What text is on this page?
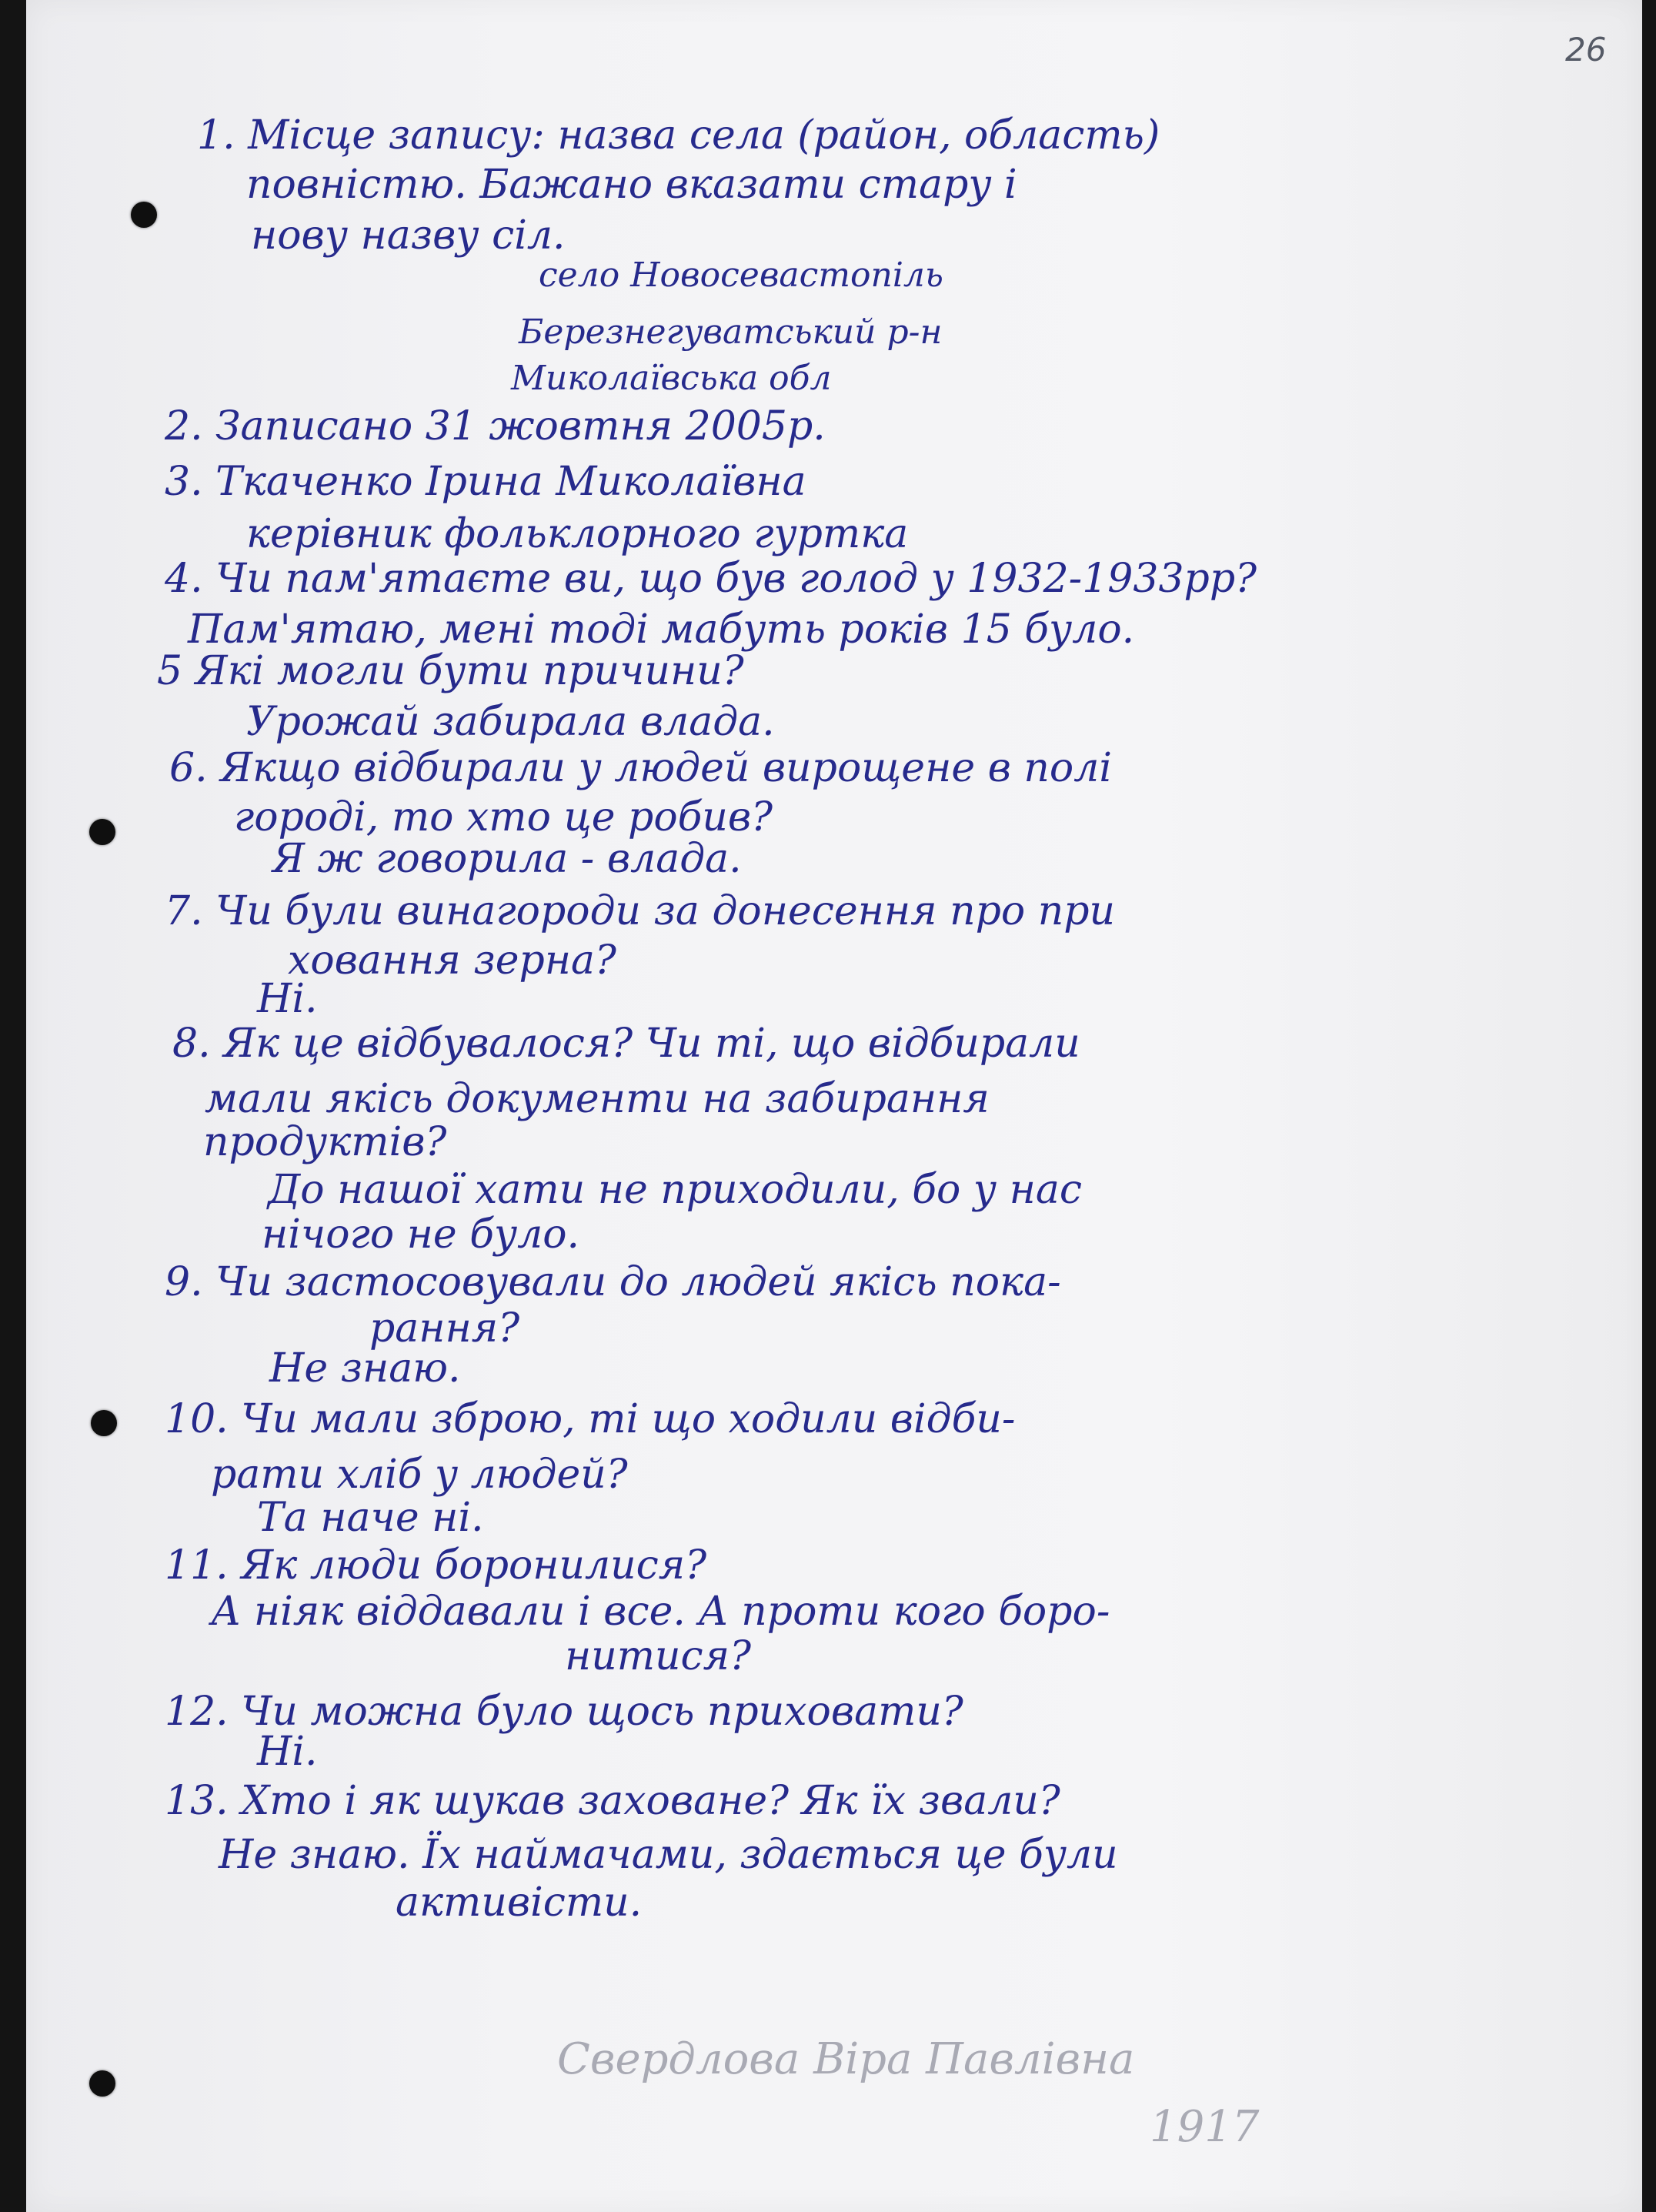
26
1. Місце запису: назва села (район, область)
повністю. Бажано вказати стару і
нову назву сіл.
село Новосевастопіль
Березнегуватський р-н
Миколаївська обл
2. Записано 31 жовтня 2005р.
3. Ткаченко Ірина Миколаївна
керівник фольклорного гуртка
4. Чи пам'ятаєте ви, що був голод у 1932-1933рр?
Пам'ятаю, мені тоді мабуть років 15 було.
5 Які могли бути причини?
Урожай забирала влада.
6. Якщо відбирали у людей вирощене в полі
городі, то хто це робив?
Я ж говорила - влада.
7. Чи були винагороди за донесення про при
ховання зерна?
Ні.
8. Як це відбувалося? Чи ті, що відбирали
мали якісь документи на забирання
продуктів?
До нашої хати не приходили, бо у нас
нічого не було.
9. Чи застосовували до людей якісь пока-
рання?
Не знаю.
10. Чи мали зброю, ті що ходили відби-
рати хліб у людей?
Та наче ні.
11. Як люди боронилися?
А ніяк віддавали і все. А проти кого боро-
нитися?
12. Чи можна було щось приховати?
Ні.
13. Хто і як шукав заховане? Як їх звали?
Не знаю. Їх наймачами, здається це були
активісти.
Свердлова Віра Павлівна
1917
